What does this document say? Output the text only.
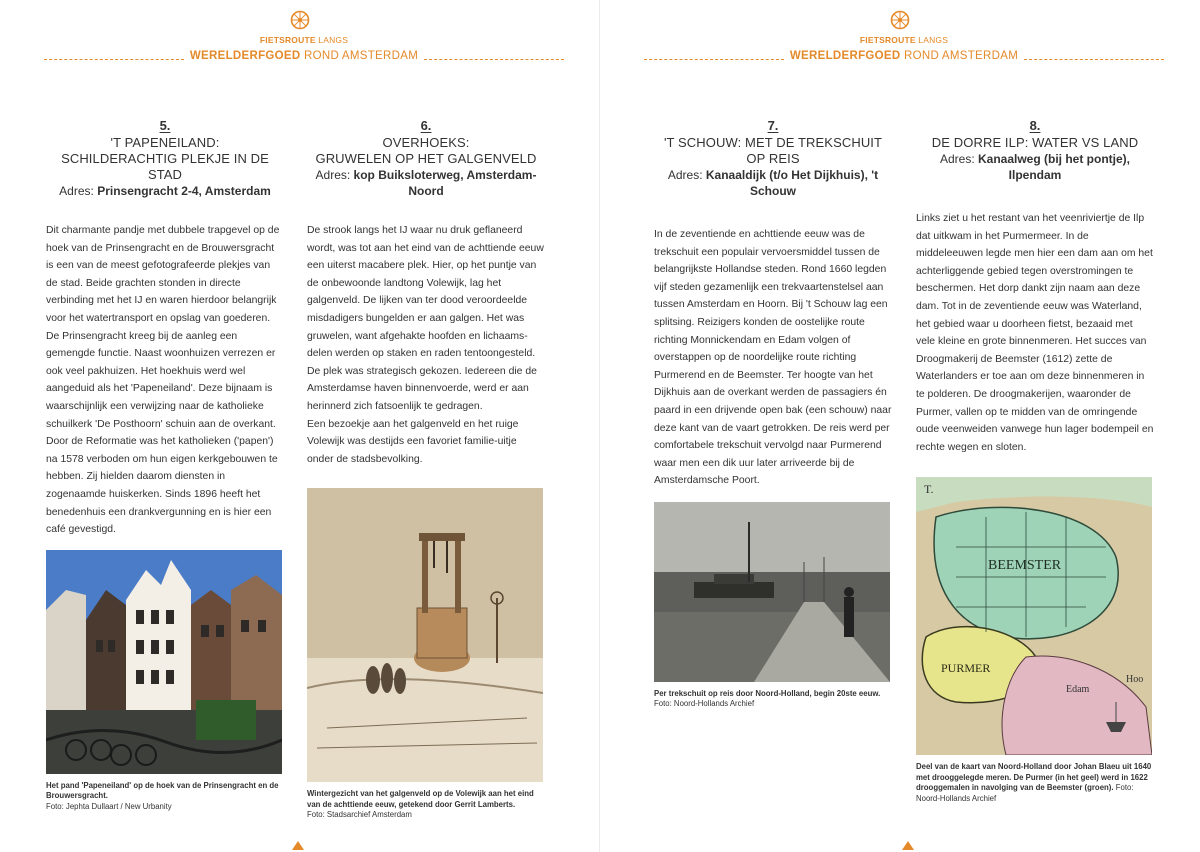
FIETSROUTE LANGS
WERELDERFGOED ROND AMSTERDAM
5.
'T PAPENEILAND:
SCHILDERACHTIG PLEKJE IN DE STAD
Adres: Prinsengracht 2-4, Amsterdam
Dit charmante pandje met dubbele trapgevel op de hoek van de Prinsengracht en de Brouwersgracht is een van de meest gefotografeerde plekjes van de stad. Beide grachten stonden in directe verbinding met het IJ en waren hierdoor belangrijk voor het watertransport en opslag van goederen. De Prinsengracht kreeg bij de aanleg een gemengde functie. Naast woonhuizen verrezen er ook veel pakhuizen. Het hoekhuis werd wel aangeduid als het 'Papeneiland'. Deze bijnaam is waarschijnlijk een verwijzing naar de katholieke schuilkerk 'De Posthoorn' schuin aan de overkant. Door de Reformatie was het katholieken ('papen') na 1578 verboden om hun eigen kerkgebouwen te hebben. Zij hielden daarom diensten in zogenaamde huiskerken. Sinds 1896 heeft het benedenhuis een drankvergunning en is hier een café gevestigd.
Het pand 'Papeneiland' op de hoek van de Prinsengracht en de Brouwersgracht.
Foto: Jephta Dullaart / New Urbanity
6.
OVERHOEKS:
GRUWELEN OP HET GALGENVELD
Adres: kop Buiksloterweg, Amsterdam-Noord
De strook langs het IJ waar nu druk geflaneerd wordt, was tot aan het eind van de achttiende eeuw een uiterst macabere plek. Hier, op het puntje van de onbewoonde landtong Volewijk, lag het galgenveld. De lijken van ter dood veroordeelde misdadigers bungelden er aan galgen. Het was gruwelen, want afgehakte hoofden en lichaams-delen werden op staken en raden tentoongesteld. De plek was strategisch gekozen. Iedereen die de Amsterdamse haven binnenvoerde, werd er aan herinnerd zich fatsoenlijk te gedragen.
Een bezoekje aan het galgenveld en het ruige Volewijk was destijds een favoriet familie-uitje onder de stadsbevolking.
Wintergezicht van het galgenveld op de Volewijk aan het eind van de achttiende eeuw, getekend door Gerrit Lamberts.
Foto: Stadsarchief Amsterdam
FIETSROUTE LANGS
WERELDERFGOED ROND AMSTERDAM
7.
'T SCHOUW: MET DE TREKSCHUIT OP REIS
Adres: Kanaaldijk (t/o Het Dijkhuis), 't Schouw
In de zeventiende en achttiende eeuw was de trekschuit een populair vervoersmiddel tussen de belangrijkste Hollandse steden. Rond 1660 legden vijf steden gezamenlijk een trekvaartenstelsel aan tussen Amsterdam en Hoorn. Bij 't Schouw lag een splitsing. Reizigers konden de oostelijke route richting Monnickendam en Edam volgen of overstappen op de noordelijke route richting Purmerend en de Beemster. Ter hoogte van het Dijkhuis aan de overkant werden de passagiers én paard in een drijvende open bak (een schouw) naar deze kant van de vaart getrokken. De reis werd per comfortabele trekschuit vervolgd naar Purmerend waar men een dik uur later arriveerde bij de Amsterdamsche Poort.
Per trekschuit op reis door Noord-Holland, begin 20ste eeuw. Foto: Noord-Hollands Archief
8.
DE DORRE ILP: WATER VS LAND
Adres: Kanaalweg (bij het pontje), Ilpendam
Links ziet u het restant van het veenriviertje de Ilp dat uitkwam in het Purmermeer. In de middeleeuwen legde men hier een dam aan om het achterliggende gebied tegen overstromingen te beschermen. Het dorp dankt zijn naam aan deze dam. Tot in de zeventiende eeuw was Waterland, het gebied waar u doorheen fietst, bezaaid met vele kleine en grote binnenmeren. Het succes van Droogmakerij de Beemster (1612) zette de Waterlanders er toe aan om deze binnenmeren in te polderen. De droogmakerijen, waaronder de Purmer, vallen op te midden van de omringende oude veenweiden vanwege hun lager bodempeil en rechte wegen en sloten.
BEEMSTER
PURMER
T.
Edam
Hoo
Deel van de kaart van Noord-Holland door Johan Blaeu uit 1640 met drooggelegde meren. De Purmer (in het geel) werd in 1622 drooggemalen in navolging van de Beemster (groen). Foto: Noord-Hollands Archief
